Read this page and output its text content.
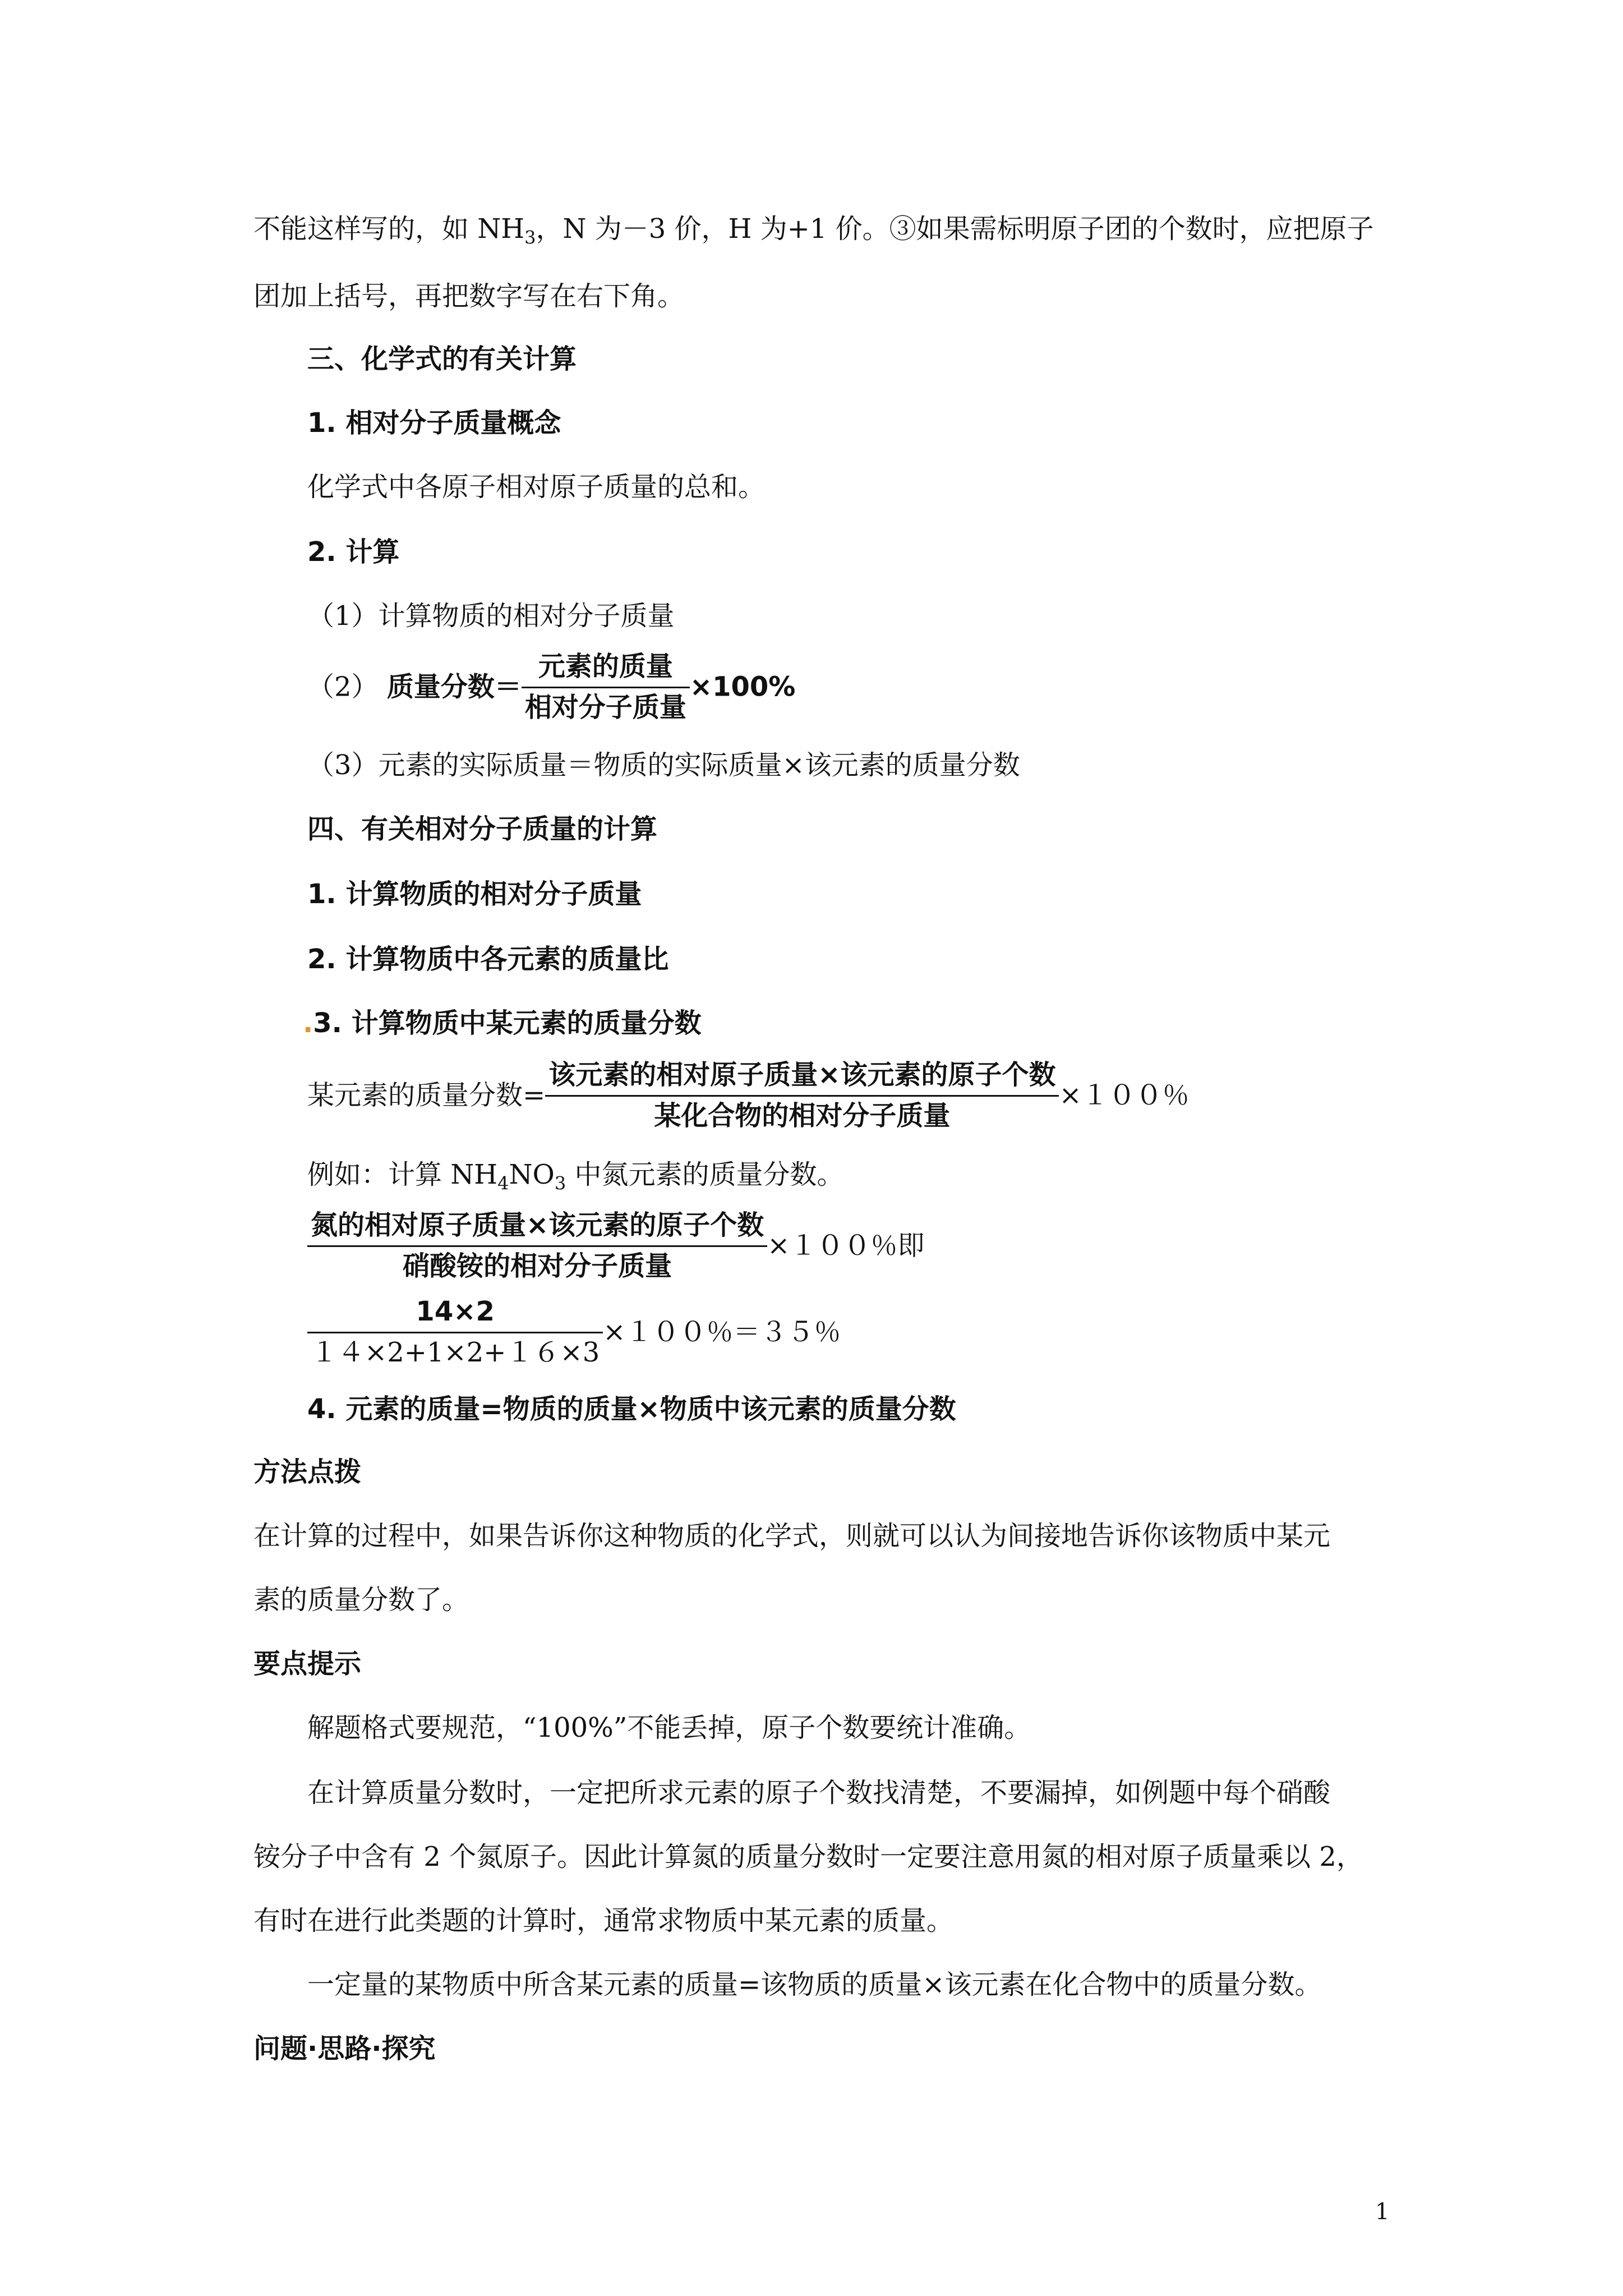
不能这样写的，如 $NH_3$，N 为－3 价，H 为+1 价。③如果需标明原子团的个数时，应把原子
团加上括号，再把数字写在右下角。
三、化学式的有关计算
1. 相对分子质量概念
化学式中各原子相对原子质量的总和。
2. 计算
（1）计算物质的相对分子质量
（2） 质量分数＝ $\frac{\text{元素的质量}}{\text{相对分子质量}} \times 100\%$
（3）元素的实际质量＝物质的实际质量×该元素的质量分数
四、有关相对分子质量的计算
1. 计算物质的相对分子质量
2. 计算物质中各元素的质量比
.3. 计算物质中某元素的质量分数
某元素的质量分数= $\frac{\text{该元素的相对原子质量×该元素的原子个数}}{\text{某化合物的相对分子质量}} \times 100$％
例如：计算 $NH_4NO_3$ 中氮元素的质量分数。
$\frac{\text{氮的相对原子质量×该元素的原子个数}}{\text{硝酸铵的相对分子质量}} \times 100$％即
$\frac{14\times 2}{14\times 2+1\times 2+16\times 3} \times 100$％＝３５％
4. 元素的质量=物质的质量×物质中该元素的质量分数
方法点拨
在计算的过程中，如果告诉你这种物质的化学式，则就可以认为间接地告诉你该物质中某元
素的质量分数了。
要点提示
解题格式要规范，“100%”不能丢掉，原子个数要统计准确。
在计算质量分数时，一定把所求元素的原子个数找清楚，不要漏掉，如例题中每个硝酸
铵分子中含有 2 个氮原子。因此计算氮的质量分数时一定要注意用氮的相对原子质量乘以 2，
有时在进行此类题的计算时，通常求物质中某元素的质量。
一定量的某物质中所含某元素的质量=该物质的质量×该元素在化合物中的质量分数。
问题·思路·探究
1
